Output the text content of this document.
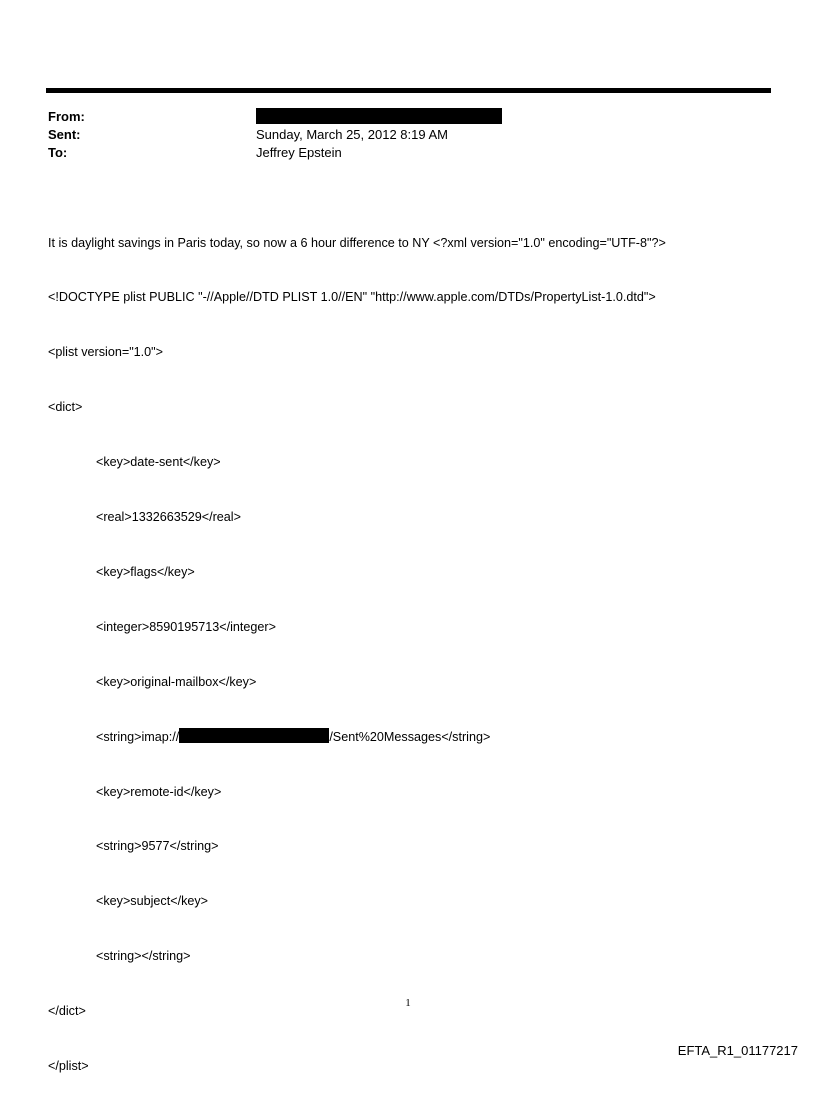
From:
Sent:	Sunday, March 25, 2012 8:19 AM
To:	Jeffrey Epstein

It is daylight savings in Paris today, so now a 6 hour difference to NY <?xml version="1.0" encoding="UTF-8"?>

<!DOCTYPE plist PUBLIC "-//Apple//DTD PLIST 1.0//EN" "http://www.apple.com/DTDs/PropertyList-1.0.dtd">

<plist version="1.0">

<dict>

<key>date-sent</key>

<real>1332663529</real>

<key>flags</key>

<integer>8590195713</integer>

<key>original-mailbox</key>

<string>imap://	/Sent%20Messages</string>

<key>remote-id</key>

<string>9577</string>

<key>subject</key>

<string></string>

</dict>

</plist>

1
EFTA_R1_01177217
